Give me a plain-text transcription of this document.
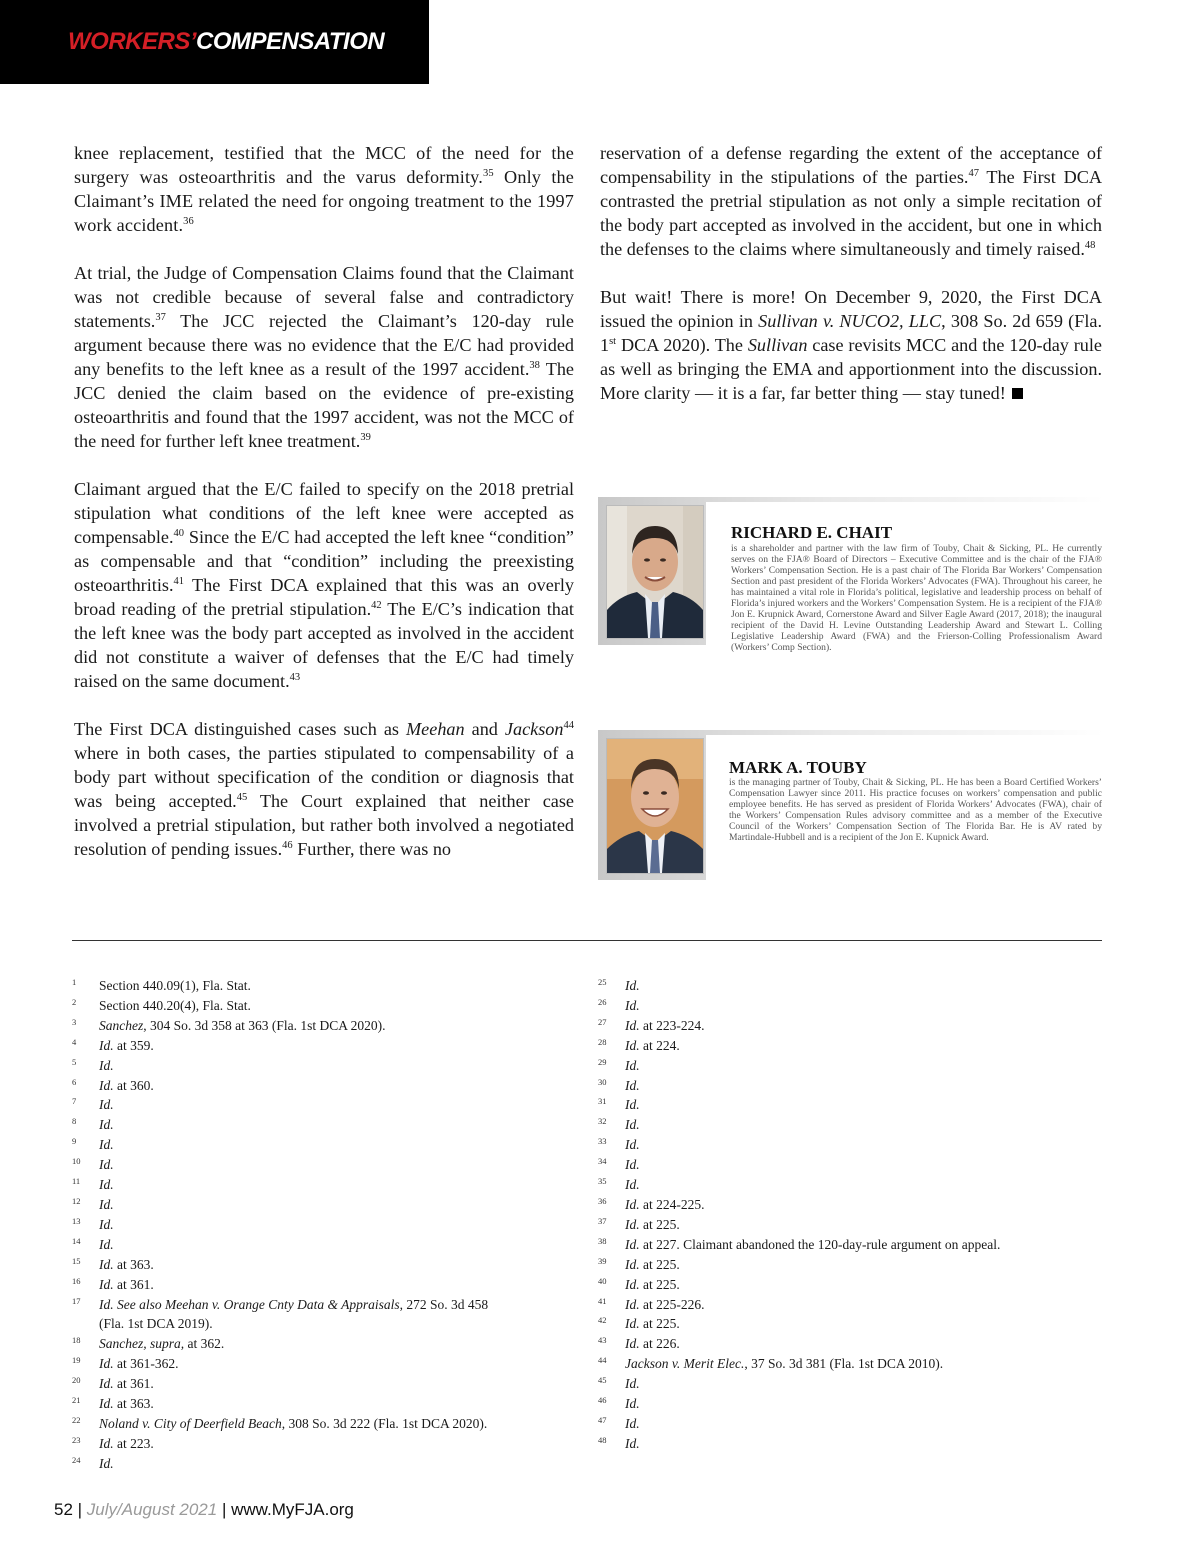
WORKERS’COMPENSATION

knee replacement, testified that the MCC of the need for the surgery was osteoarthritis and the varus deformity.$^{35}$ Only the Claimant’s IME related the need for ongoing treatment to the 1997 work accident.$^{36}$

At trial, the Judge of Compensation Claims found that the Claimant was not credible because of several false and contradictory statements.$^{37}$ The JCC rejected the Claimant’s 120-day rule argument because there was no evidence that the E/C had provided any benefits to the left knee as a result of the 1997 accident.$^{38}$ The JCC denied the claim based on the evidence of pre-existing osteoarthritis and found that the 1997 accident, was not the MCC of the need for further left knee treatment.$^{39}$

Claimant argued that the E/C failed to specify on the 2018 pretrial stipulation what conditions of the left knee were accepted as compensable.$^{40}$ Since the E/C had accepted the left knee “condition” as compensable and that “condition” including the preexisting osteoarthritis.$^{41}$ The First DCA explained that this was an overly broad reading of the pretrial stipulation.$^{42}$ The E/C’s indication that the left knee was the body part accepted as involved in the accident did not constitute a waiver of defenses that the E/C had timely raised on the same document.$^{43}$

The First DCA distinguished cases such as Meehan and Jackson$^{44}$ where in both cases, the parties stipulated to compensability of a body part without specification of the condition or diagnosis that was being accepted.$^{45}$ The Court explained that neither case involved a pretrial stipulation, but rather both involved a negotiated resolution of pending issues.$^{46}$ Further, there was no

reservation of a defense regarding the extent of the acceptance of compensability in the stipulations of the parties.$^{47}$ The First DCA contrasted the pretrial stipulation as not only a simple recitation of the body part accepted as involved in the accident, but one in which the defenses to the claims where simultaneously and timely raised.$^{48}$

But wait! There is more! On December 9, 2020, the First DCA issued the opinion in Sullivan v. NUCO2, LLC, 308 So. 2d 659 (Fla. 1st DCA 2020). The Sullivan case revisits MCC and the 120-day rule as well as bringing the EMA and apportionment into the discussion. More clarity — it is a far, far better thing — stay tuned!

RICHARD E. CHAIT
is a shareholder and partner with the law firm of Touby, Chait & Sicking, PL. He currently serves on the FJA® Board of Directors – Executive Committee and is the chair of the FJA® Workers’ Compensation Section. He is a past chair of The Florida Bar Workers’ Compensation Section and past president of the Florida Workers’ Advocates (FWA). Throughout his career, he has maintained a vital role in Florida’s political, legislative and leadership process on behalf of Florida’s injured workers and the Workers’ Compensation System. He is a recipient of the FJA® Jon E. Krupnick Award, Cornerstone Award and Silver Eagle Award (2017, 2018); the inaugural recipient of the David H. Levine Outstanding Leadership Award and Stewart L. Colling Legislative Leadership Award (FWA) and the Frierson-Colling Professionalism Award (Workers’ Comp Section).
MARK A. TOUBY
is the managing partner of Touby, Chait & Sicking, PL. He has been a Board Certified Workers’ Compensation Lawyer since 2011. His practice focuses on workers’ compensation and public employee benefits. He has served as president of Florida Workers’ Advocates (FWA), chair of the Workers’ Compensation Rules advisory committee and as a member of the Executive Council of the Workers’ Compensation Section of The Florida Bar. He is AV rated by Martindale-Hubbell and is a recipient of the Jon E. Kupnick Award.
1 Section 440.09(1), Fla. Stat.
2 Section 440.20(4), Fla. Stat.
3 Sanchez, 304 So. 3d 358 at 363 (Fla. 1st DCA 2020).
4 Id. at 359.
5 Id.
6 Id. at 360.
7 Id.
8 Id.
9 Id.
10 Id.
11 Id.
12 Id.
13 Id.
14 Id.
15 Id. at 363.
16 Id. at 361.
17 Id. See also Meehan v. Orange Cnty Data & Appraisals, 272 So. 3d 458
(Fla. 1st DCA 2019).
18 Sanchez, supra, at 362.
19 Id. at 361-362.
20 Id. at 361.
21 Id. at 363.
22 Noland v. City of Deerfield Beach, 308 So. 3d 222 (Fla. 1st DCA 2020).
23 Id. at 223.
24 Id.
25 Id.
26 Id.
27 Id. at 223-224.
28 Id. at 224.
29 Id.
30 Id.
31 Id.
32 Id.
33 Id.
34 Id.
35 Id.
36 Id. at 224-225.
37 Id. at 225.
38 Id. at 227. Claimant abandoned the 120-day-rule argument on appeal.
39 Id. at 225.
40 Id. at 225.
41 Id. at 225-226.
42 Id. at 225.
43 Id. at 226.
44 Jackson v. Merit Elec., 37 So. 3d 381 (Fla. 1st DCA 2010).
45 Id.
46 Id.
47 Id.
48 Id.
52 | July/August 2021 | www.MyFJA.org
